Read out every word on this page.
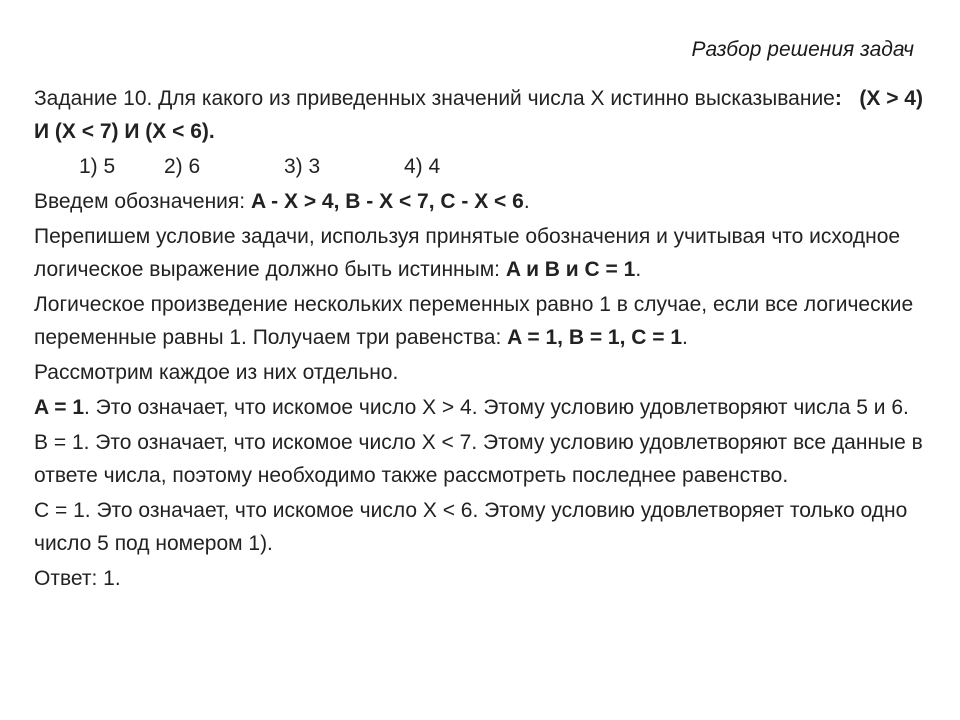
Разбор решения задач
Задание 10. Для какого из приведенных значений числа X истинно высказывание: (X > 4) И (X < 7) И (X < 6).
1) 5 2) 6	3) 3	4) 4
Введем обозначения: A - X > 4, B - X < 7, C - X < 6.
Перепишем условие задачи, используя принятые обозначения и учитывая что исходное логическое выражение должно быть истинным: A и B и C = 1.
Логическое произведение нескольких переменных равно 1 в случае, если все логические переменные равны 1. Получаем три равенства: A = 1, B = 1, C = 1.
Рассмотрим каждое из них отдельно.
A = 1. Это означает, что искомое число X > 4. Этому условию удовлетворяют числа 5 и 6.
B = 1. Это означает, что искомое число X < 7. Этому условию удовлетворяют все данные в ответе числа, поэтому необходимо также рассмотреть последнее равенство.
C = 1. Это означает, что искомое число X < 6. Этому условию удовлетворяет только одно число 5 под номером 1).
Ответ: 1.
